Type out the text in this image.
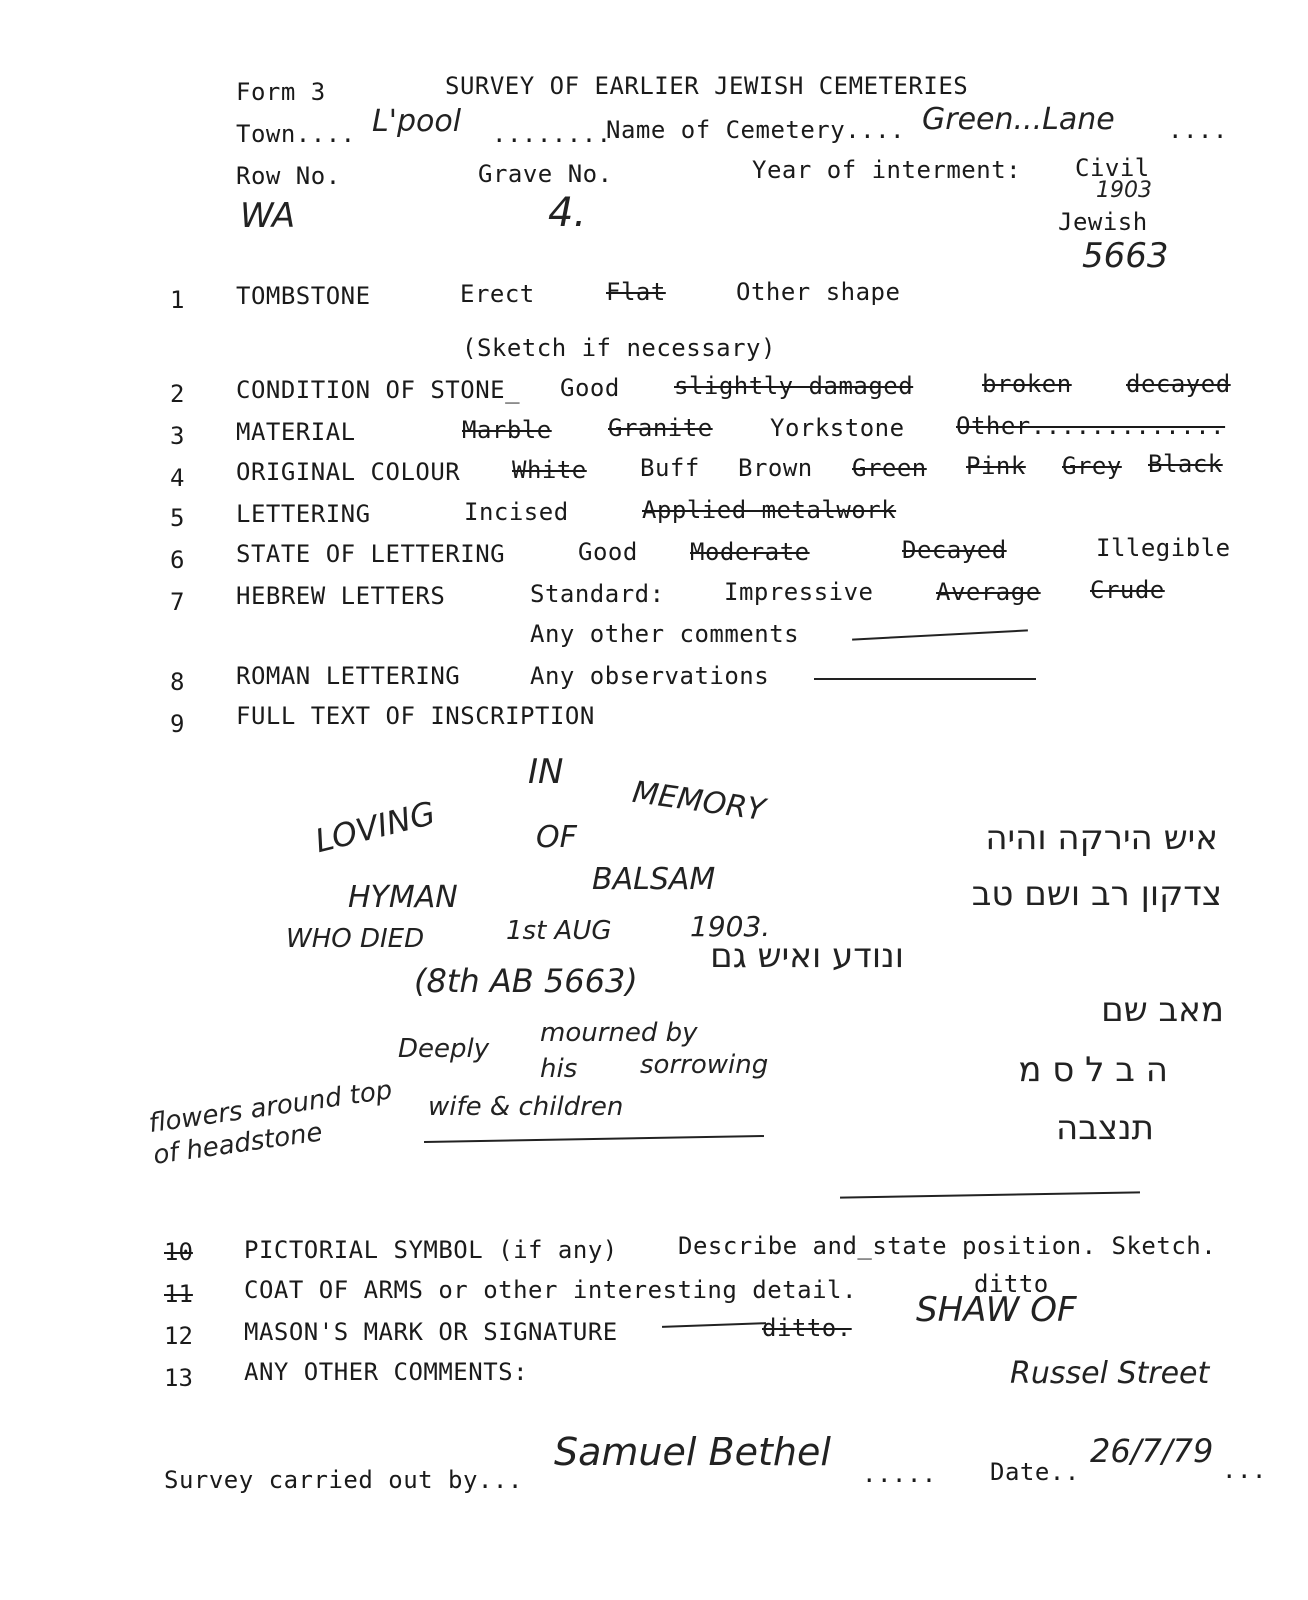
Form 3	SURVEY OF EARLIER JEWISH CEMETERIES
Town.... L'pool ........
Name of Cemetery.... Green...Lane ....
Row No.	Grave No.	Year of interment: Civil
1903
WA	4.	Jewish
5663
1 TOMBSTONE	Erect	Flat	Other shape
(Sketch if necessary)
2 CONDITION OF STONE_ Good slightly damaged	broken decayed
3 MATERIAL	Marble Granite Yorkstone Other.............
4 ORIGINAL COLOUR White Buff Brown Green Pink Grey Black
5 LETTERING	Incised	Applied metalwork
6 STATE OF LETTERING	Good Moderate	Decayed	Illegible
7 HEBREW LETTERS	Standard: Impressive	Average Crude
Any other comments
8 ROMAN LETTERING	Any observations
9 FULL TEXT OF INSCRIPTION
IN
MEMORY
LOVING	OF
HYMAN
BALSAM
WHO DIED	1st AUG	1903.
(8th AB 5663)
Deeply
mourned by
his sorrowing
wife & children
איש הירקה והיה
צדקון רב ושם טב
ונודע ואיש גם
מאב שם
ה ב ל ס מ
תנצבה
flowers around top of headstone
10 PICTORIAL SYMBOL (if any)	Describe and_state position. Sketch.
11 COAT OF ARMS or other interesting detail.	ditto
12 MASON'S MARK OR SIGNATURE	ditto. SHAW OF
13 ANY OTHER COMMENTS:	Russel Street
Survey carried out by...
Samuel Bethel ..... Date..
26/7/79 ...
